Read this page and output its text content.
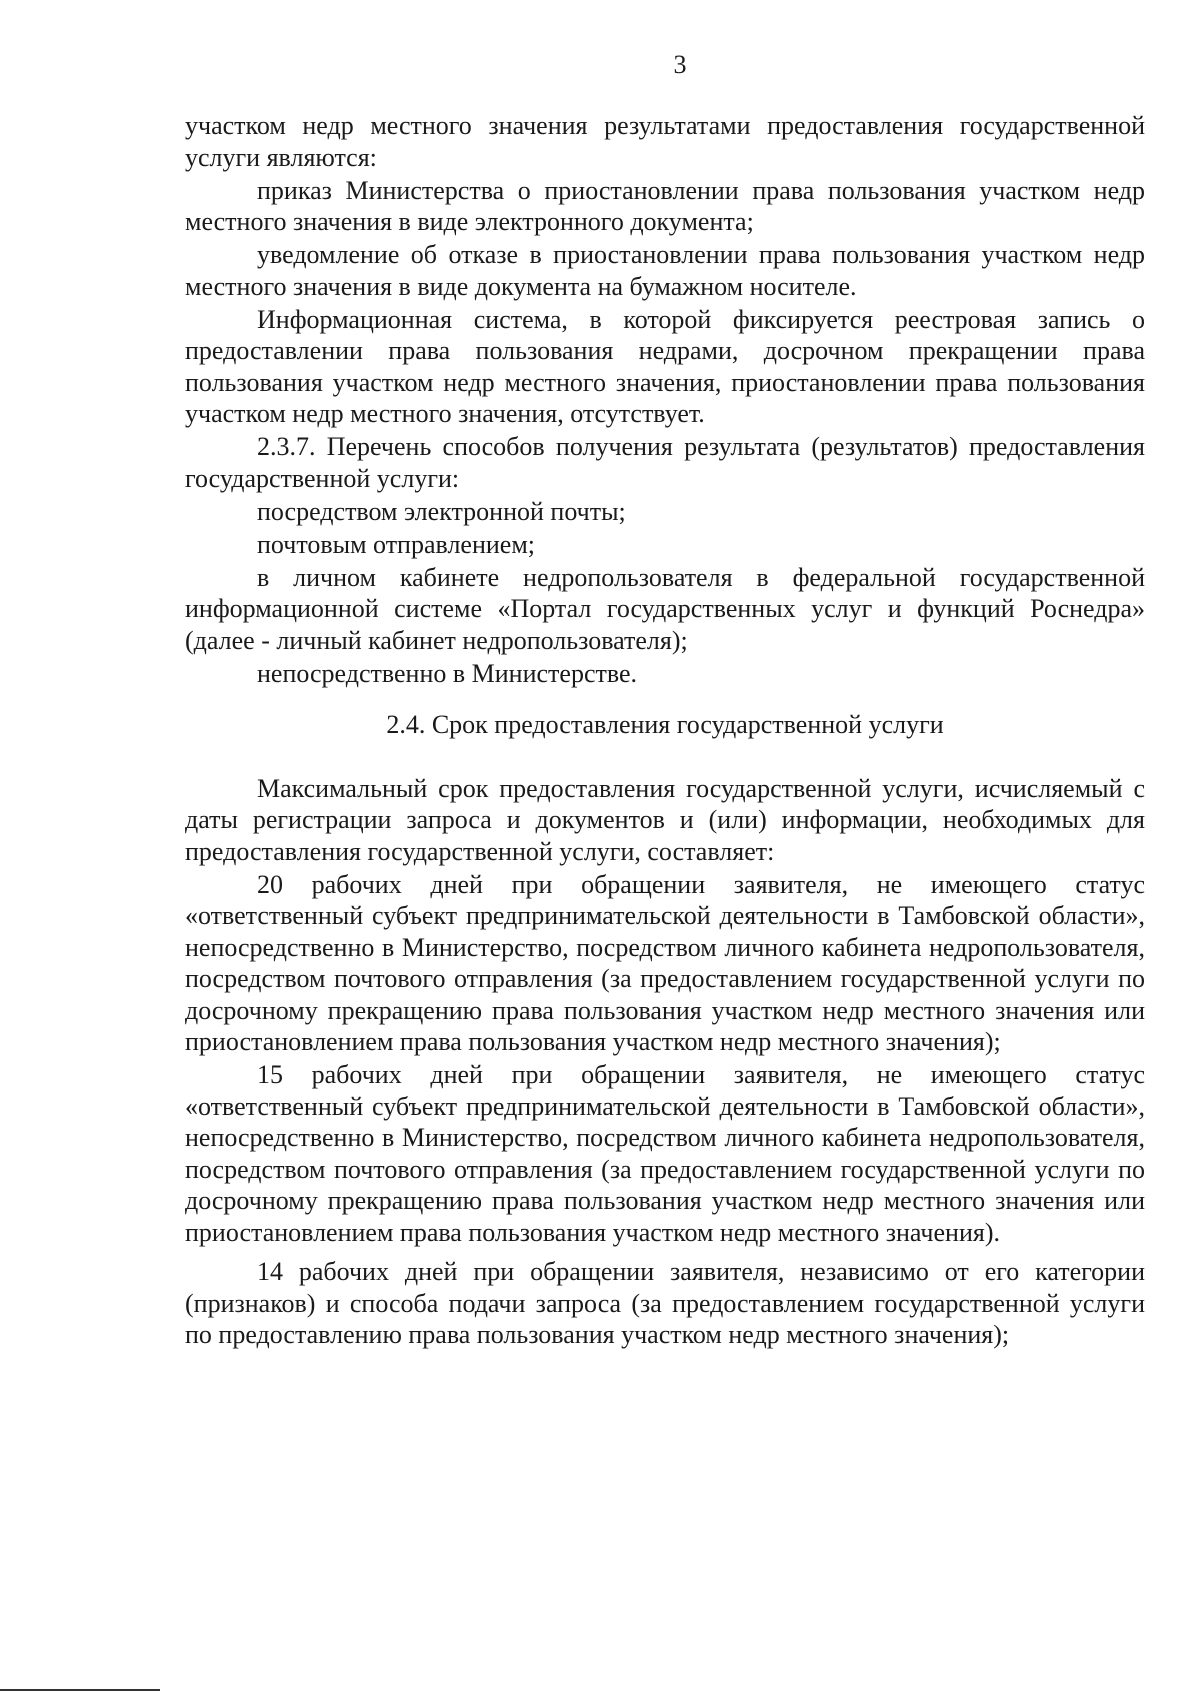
3

участком недр местного значения результатами предоставления государственной услуги являются:

приказ Министерства о приостановлении права пользования участком недр местного значения в виде электронного документа;

уведомление об отказе в приостановлении права пользования участком недр местного значения в виде документа на бумажном носителе.

Информационная система, в которой фиксируется реестровая запись о предоставлении права пользования недрами, досрочном прекращении права пользования участком недр местного значения, приостановлении права пользования участком недр местного значения, отсутствует.

2.3.7. Перечень способов получения результата (результатов) предоставления государственной услуги:

посредством электронной почты;

почтовым отправлением;

в личном кабинете недропользователя в федеральной государственной информационной системе «Портал государственных услуг и функций Роснедра» (далее - личный кабинет недропользователя);

непосредственно в Министерстве.

2.4. Срок предоставления государственной услуги

Максимальный срок предоставления государственной услуги, исчисляемый с даты регистрации запроса и документов и (или) информации, необходимых для предоставления государственной услуги, составляет:

20 рабочих дней при обращении заявителя, не имеющего статус «ответственный субъект предпринимательской деятельности в Тамбовской области», непосредственно в Министерство, посредством личного кабинета недропользователя, посредством почтового отправления (за предоставлением государственной услуги по досрочному прекращению права пользования участком недр местного значения или приостановлением права пользования участком недр местного значения);

15 рабочих дней при обращении заявителя, не имеющего статус «ответственный субъект предпринимательской деятельности в Тамбовской области», непосредственно в Министерство, посредством личного кабинета недропользователя, посредством почтового отправления (за предоставлением государственной услуги по досрочному прекращению права пользования участком недр местного значения или приостановлением права пользования участком недр местного значения).

14 рабочих дней при обращении заявителя, независимо от его категории (признаков) и способа подачи запроса (за предоставлением государственной услуги по предоставлению права пользования участком недр местного значения);
